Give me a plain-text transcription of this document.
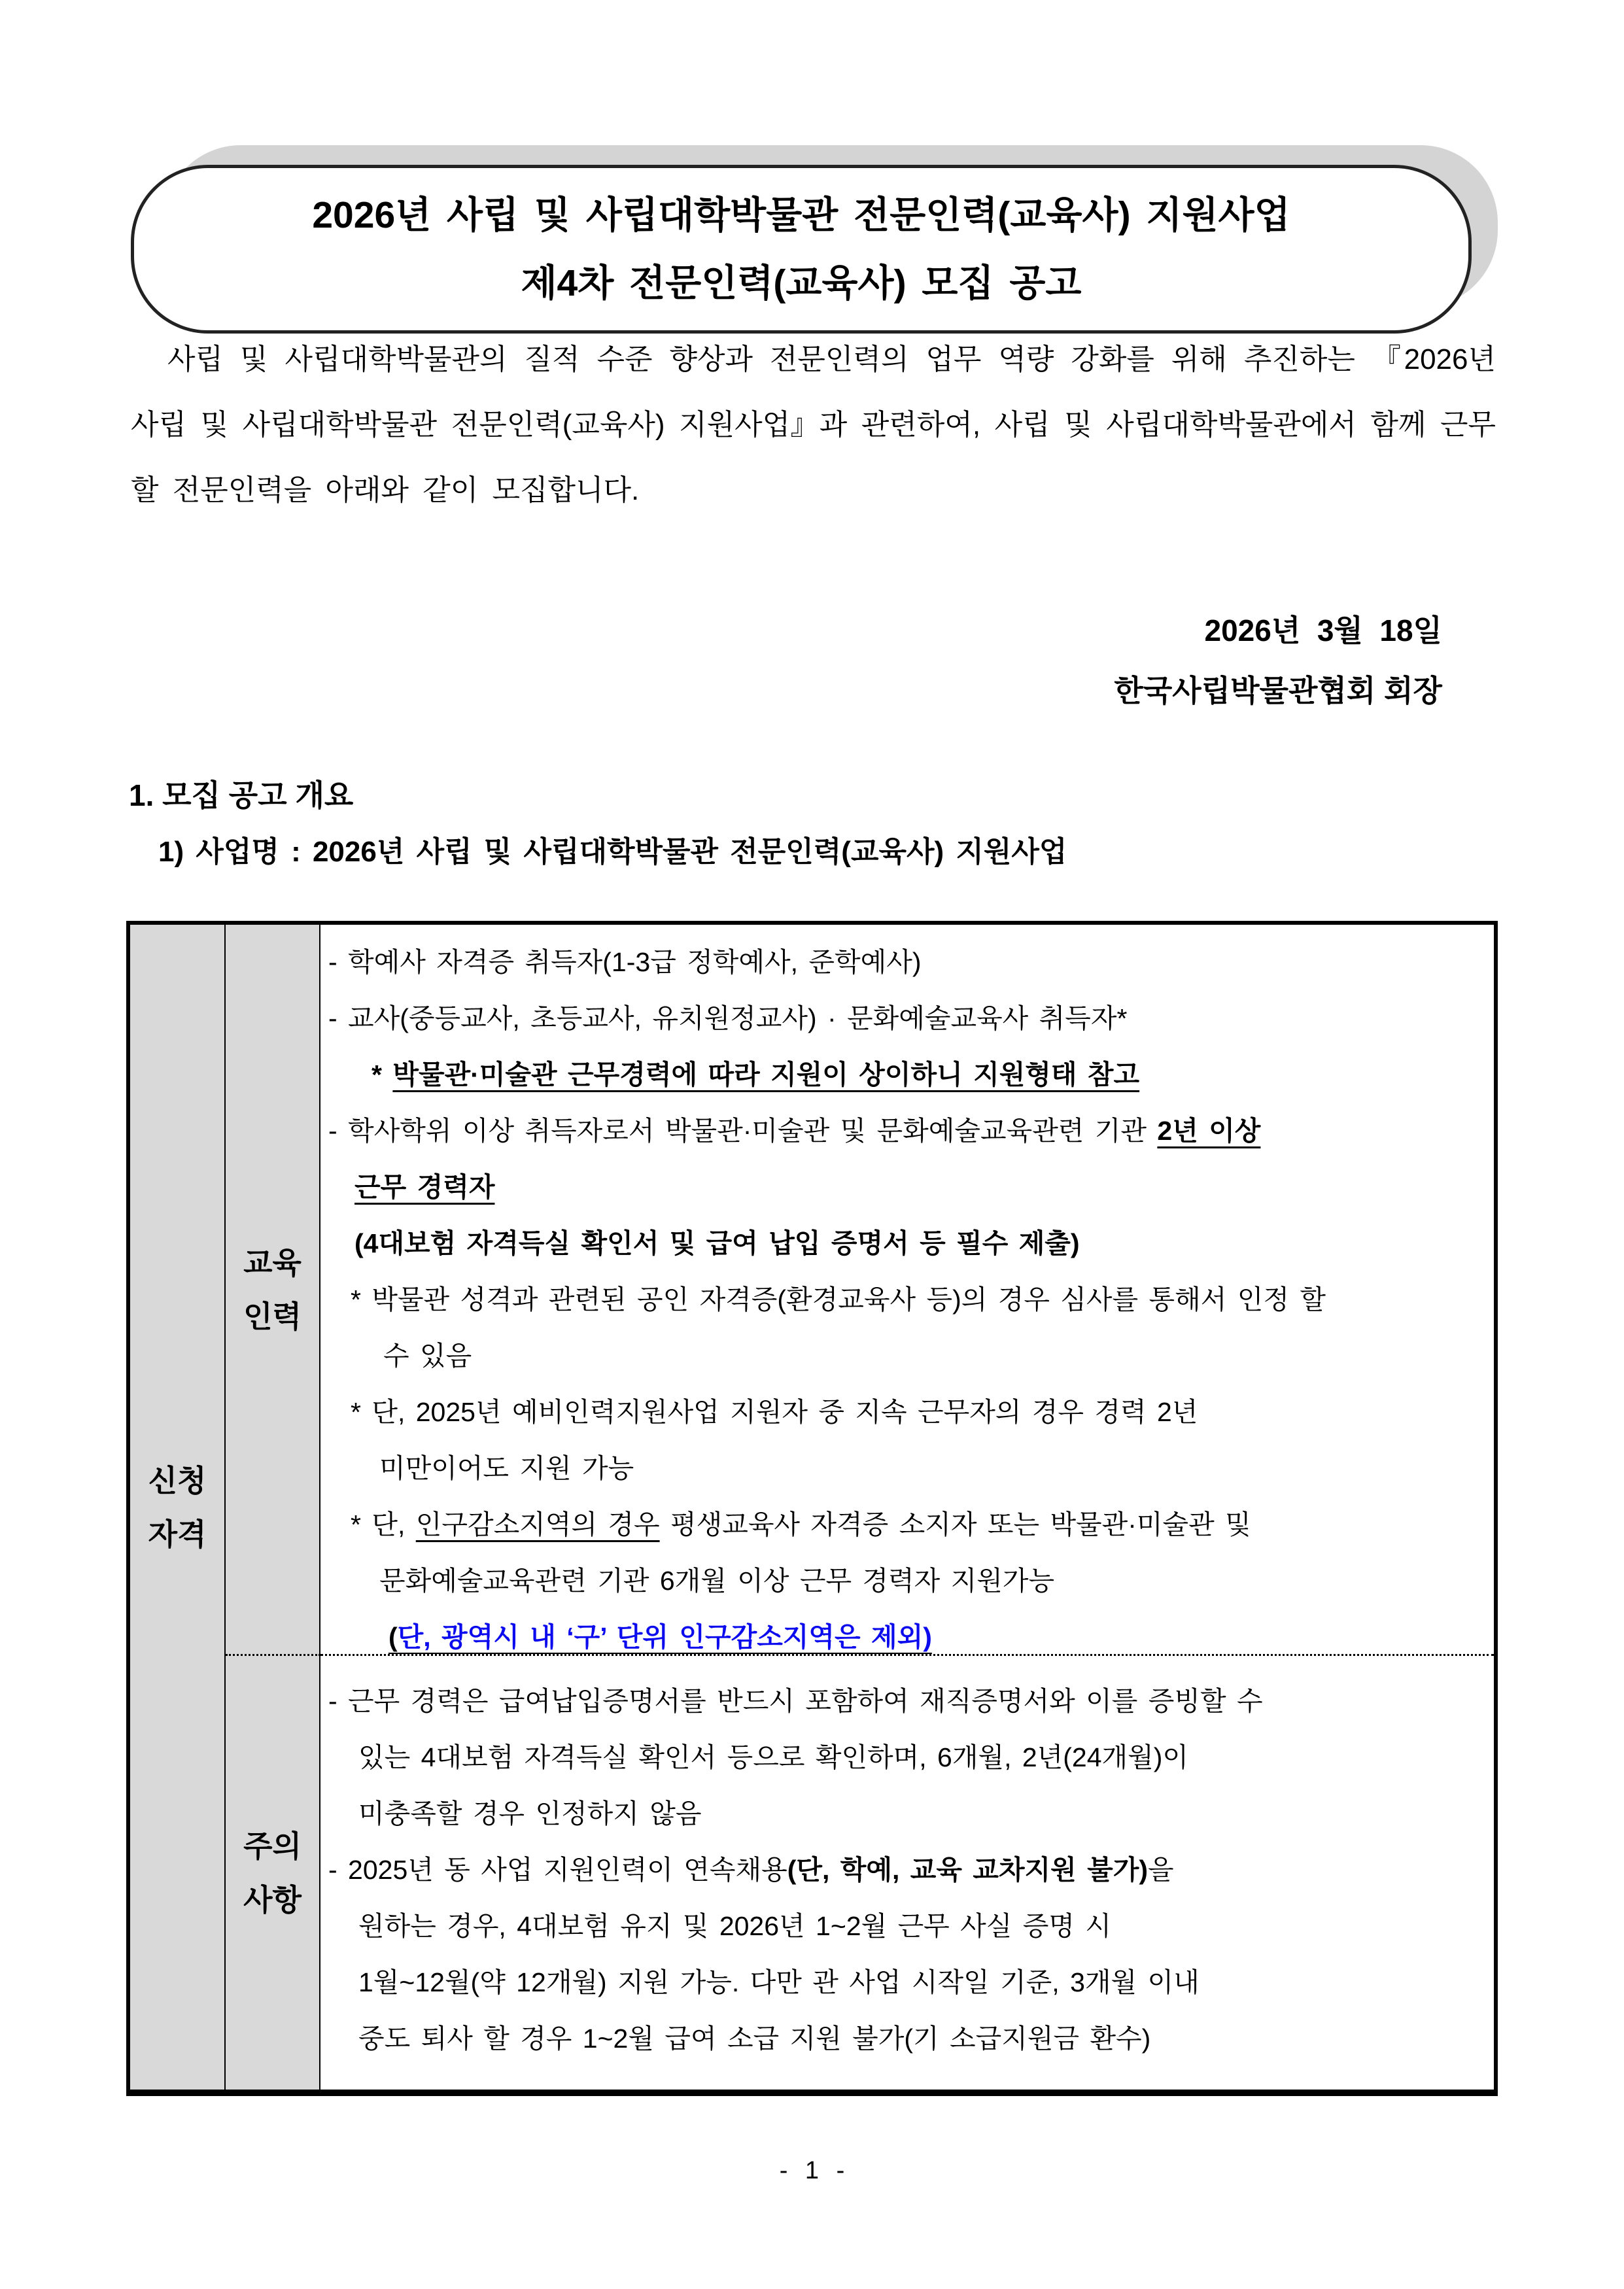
2026년 사립 및 사립대학박물관 전문인력(교육사) 지원사업
제4차 전문인력(교육사) 모집 공고

사립 및 사립대학박물관의 질적 수준 향상과 전문인력의 업무 역량 강화를 위해 추진하는 『2026년 사립 및 사립대학박물관 전문인력(교육사) 지원사업』과 관련하여, 사립 및 사립대학박물관에서 함께 근무할 전문인력을 아래와 같이 모집합니다.

2026년  3월  18일
한국사립박물관협회 회장
1. 모집 공고 개요
1) 사업명 : 2026년 사립 및 사립대학박물관 전문인력(교육사) 지원사업
신청
자격
교육
인력
- 학예사 자격증 취득자(1-3급 정학예사, 준학예사)
- 교사(중등교사, 초등교사, 유치원정교사) · 문화예술교육사 취득자*
* 박물관·미술관 근무경력에 따라 지원이 상이하니 지원형태 참고
- 학사학위 이상 취득자로서 박물관·미술관 및 문화예술교육관련 기관 2년 이상
근무 경력자
(4대보험 자격득실 확인서 및 급여 납입 증명서 등 필수 제출)
* 박물관 성격과 관련된 공인 자격증(환경교육사 등)의 경우 심사를 통해서 인정 할
수 있음
* 단, 2025년 예비인력지원사업 지원자 중 지속 근무자의 경우 경력 2년
미만이어도 지원 가능
* 단, 인구감소지역의 경우 평생교육사 자격증 소지자 또는 박물관·미술관 및
문화예술교육관련 기관 6개월 이상 근무 경력자 지원가능
(단, 광역시 내 ‘구’ 단위 인구감소지역은 제외)
주의
사항
- 근무 경력은 급여납입증명서를 반드시 포함하여 재직증명서와 이를 증빙할 수
있는 4대보험 자격득실 확인서 등으로 확인하며, 6개월, 2년(24개월)이
미충족할 경우 인정하지 않음
- 2025년 동 사업 지원인력이 연속채용(단, 학예, 교육 교차지원 불가)을
원하는 경우, 4대보험 유지 및 2026년 1~2월 근무 사실 증명 시
1월~12월(약 12개월) 지원 가능. 다만 관 사업 시작일 기준, 3개월 이내
중도 퇴사 할 경우 1~2월 급여 소급 지원 불가(기 소급지원금 환수)
- 1 -
